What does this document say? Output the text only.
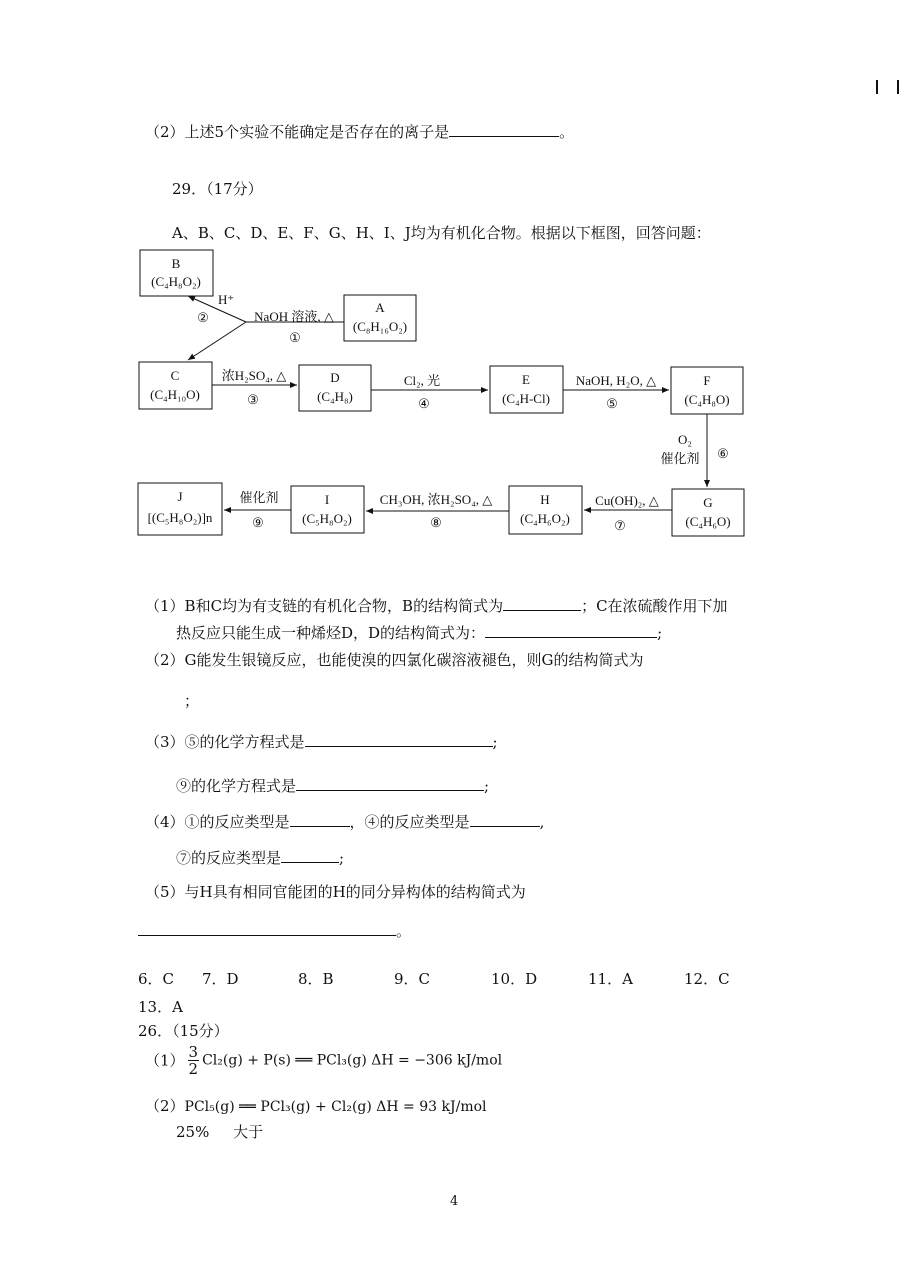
（2）上述5个实验不能确定是否存在的离子是	。
29．（17分）
A、B、C、D、E、F、G、H、I、J均为有机化合物。根据以下框图，回答问题：
B
(C₄H₈O₂)
A
(C₈H₁₆O₂)
C
(C₄H₁₀O)
D
(C₄H₈)
E
(C₄H-Cl)
F
(C₄H₈O)
G
(C₄H₆O)
H
(C₄H₆O₂)
I
(C₅H₈O₂)
J
[(C₅H₈O₂)]n
H⁺
②	NaOH 溶液, △
①
浓H₂SO₄, △
③
Cl₂, 光
④
NaOH, H₂O, △
⑤
O₂
催化剂 ⑥
Cu(OH)₂, △
⑦
CH₃OH, 浓H₂SO₄, △
⑧
催化剂
⑨
（1）B和C均为有支链的有机化合物，B的结构简式为	；C在浓硫酸作用下加
热反应只能生成一种烯烃D，D的结构简式为：	;
（2）G能发生银镜反应，也能使溴的四氯化碳溶液褪色，则G的结构简式为
；
（3）⑤的化学方程式是	;
⑨的化学方程式是	;
（4）①的反应类型是	，④的反应类型是	,
⑦的反应类型是	;
（5）与H具有相同官能团的H的同分异构体的结构简式为
。
6．C 7．D	8．B	9．C	10．D	11．A	12．C
13．A
26．（15分）
$(1) \frac{3}{2} Cl_2(g) + P(s)$ ══ PCl₃(g) ΔH = −306 kJ/mol
（2）PCl₅(g) ══ PCl₃(g) + Cl₂(g) ΔH = 93 kJ/mol
25%     大于
4
